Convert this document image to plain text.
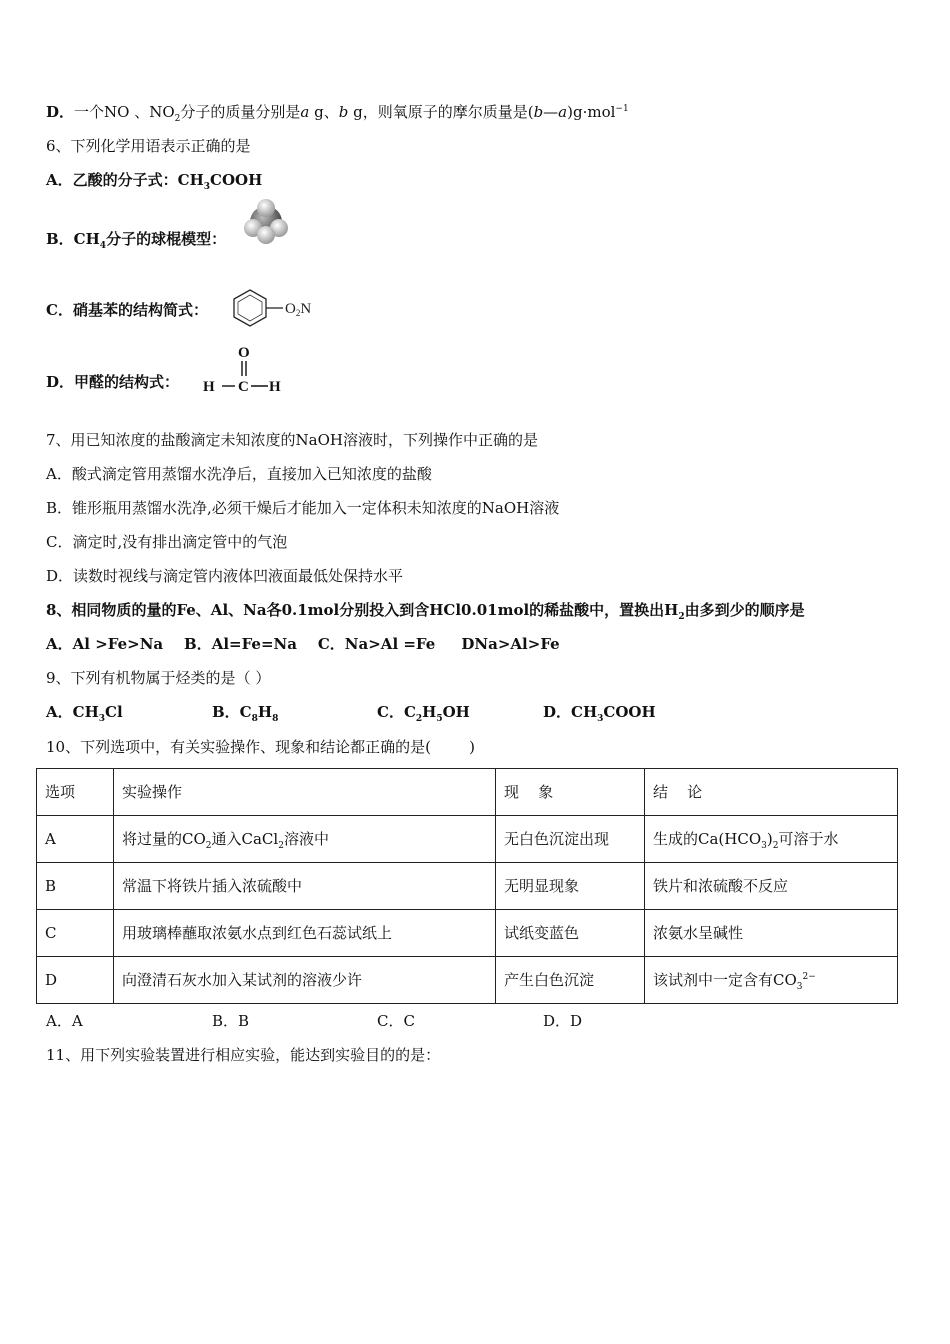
D．一个NO 、$NO_2$分子的质量分别是a g、b g，则氧原子的摩尔质量是(b—a)g·mol$^{-1}$
6、下列化学用语表示正确的是
A．乙酸的分子式：$CH_3COOH$
B．$CH_4$分子的球棍模型：
C．硝基苯的结构简式：	$O_2N$
D．甲醛的结构式：
O
H C H
7、用已知浓度的盐酸滴定未知浓度的NaOH溶液时，下列操作中正确的是
A．酸式滴定管用蒸馏水洗净后，直接加入已知浓度的盐酸
B．锥形瓶用蒸馏水洗净,必须干燥后才能加入一定体积未知浓度的NaOH溶液
C．滴定时,没有排出滴定管中的气泡
D．读数时视线与滴定管内液体凹液面最低处保持水平
8、相同物质的量的Fe、Al、Na各0.1mol分别投入到含HCl0.01mol的稀盐酸中，置换出$H_2$由多到少的顺序是
A．Al >Fe>Na    B．Al=Fe=Na    C．Na>Al =Fe     DNa>Al>Fe
9、下列有机物属于烃类的是（ ）
A．$CH_3Cl$	B．$C_8H_8$	C．$C_2H_5OH$	D．$CH_3COOH$
10、下列选项中，有关实验操作、现象和结论都正确的是(        )
选项	实验操作	现    象	结    论
A	将过量的$CO_2$通入CaCl$_2$溶液中	无白色沉淀出现	生成的$Ca(HCO_3)_2$可溶于水
B	常温下将铁片插入浓硫酸中	无明显现象	铁片和浓硫酸不反应
C	用玻璃棒蘸取浓氨水点到红色石蕊试纸上	试纸变蓝色	浓氨水呈碱性
D	向澄清石灰水加入某试剂的溶液少许	产生白色沉淀	该试剂中一定含有$CO_3^{2-}$
A．A	B．B	C．C	D．D
11、用下列实验装置进行相应实验，能达到实验目的的是：
